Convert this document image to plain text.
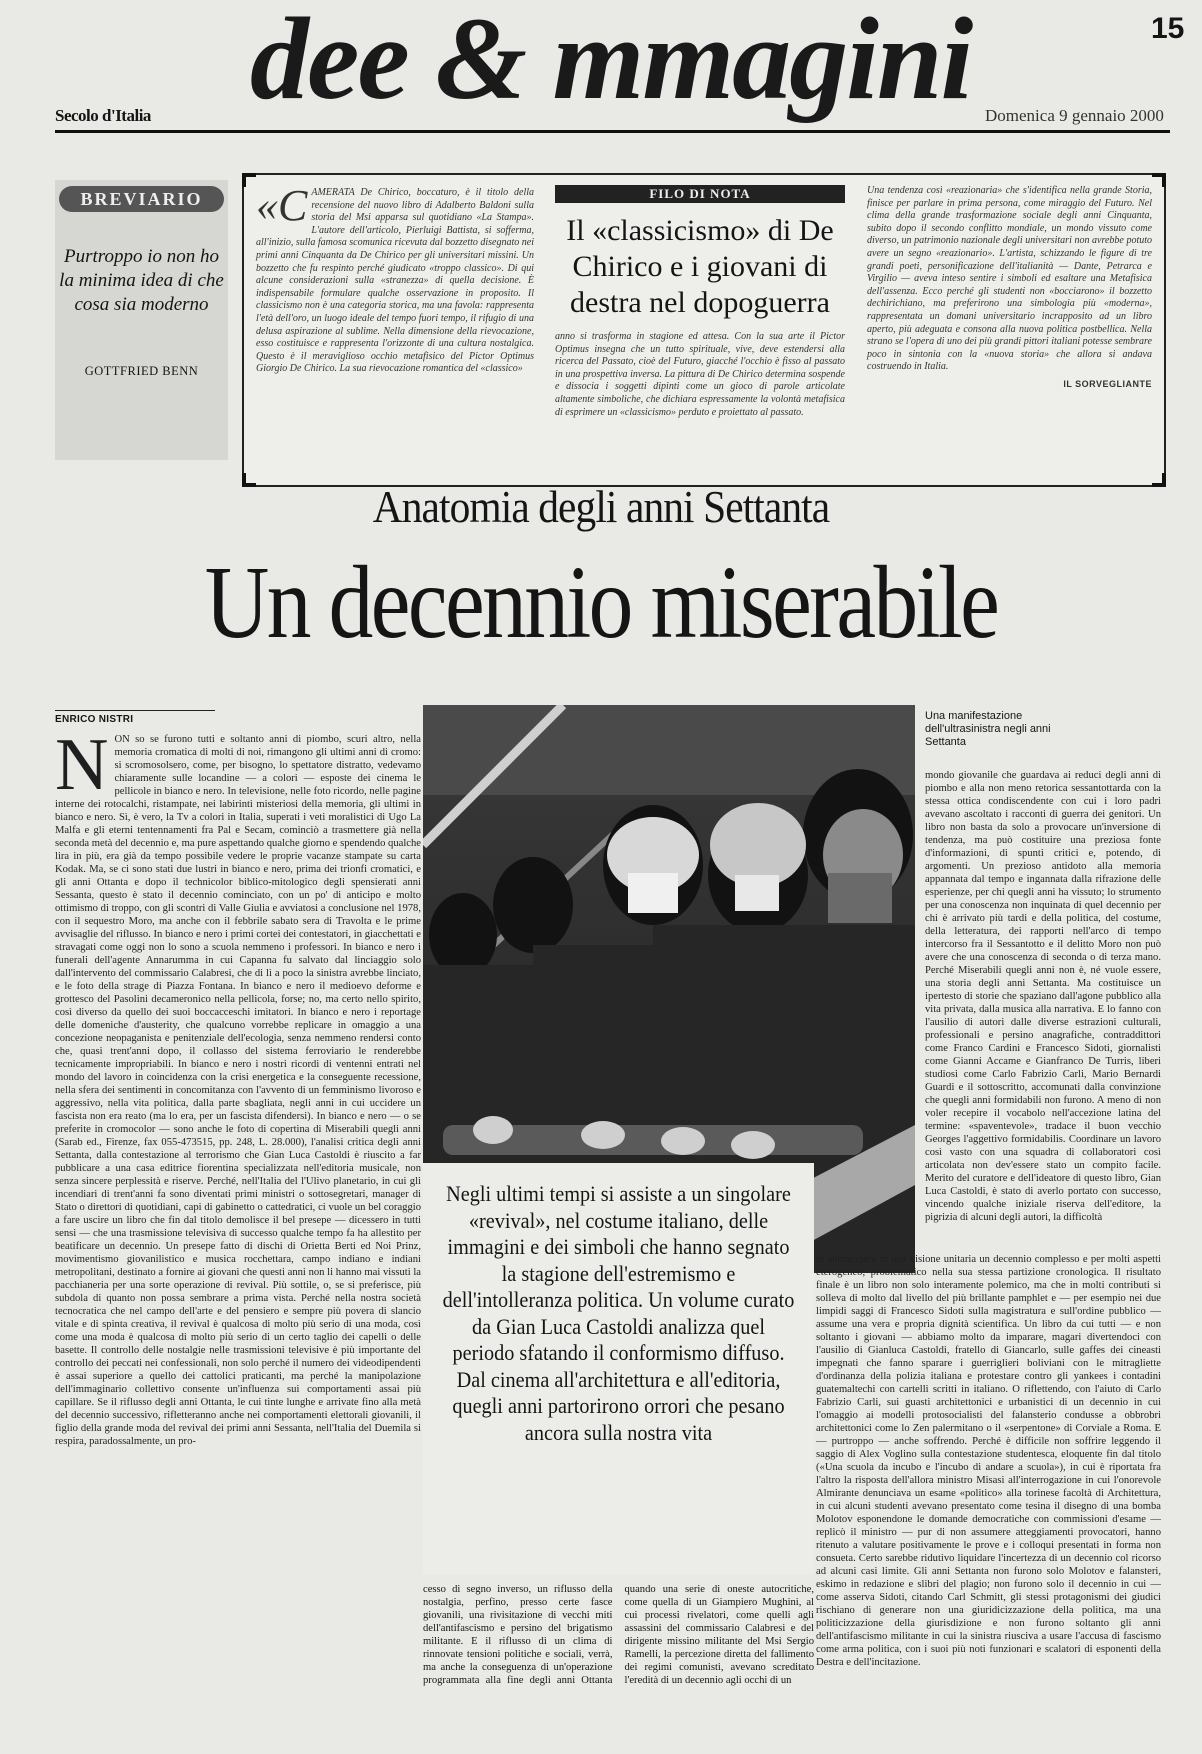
dee & mmagini
Secolo d'Italia	Domenica 9 gennaio 2000
15
BREVIARIO
Purtroppo io non ho la minima idea di che cosa sia moderno
GOTTFRIED BENN
«CAMERATA De Chirico, boccaturo, è il titolo della recensione del nuovo libro di Adalberto Baldoni sulla storia del Msi apparsa sul quotidiano «La Stampa». L'autore dell'articolo, Pierluigi Battista, si sofferma, all'inizio, sulla famosa scomunica ricevuta dal bozzetto disegnato nei primi anni Cinquanta da De Chirico per gli universitari missini. Un bozzetto che fu respinto perché giudicato «troppo classico». Di qui alcune considerazioni sulla «stranezza» di quella decisione. È indispensabile formulare qualche osservazione in proposito. Il classicismo non è una categoria storica, ma una favola: rappresenta l'età dell'oro, un luogo ideale del tempo fuori tempo, il rifugio di una delusa aspirazione al sublime. Nella dimensione della rievocazione, esso costituisce e rappresenta l'orizzonte di una cultura nostalgica. Questo è il meraviglioso occhio metafisico del Pictor Optimus Giorgio De Chirico. La sua rievocazione romantica del «classico»
FILO DI NOTA
Il «classicismo» di De Chirico e i giovani di destra nel dopoguerra
anno si trasforma in stagione ed attesa. Con la sua arte il Pictor Optimus insegna che un tutto spirituale, vive, deve estendersi alla ricerca del Passato, cioè del Futuro, giacché l'occhio è fisso al passato in una prospettiva inversa. La pittura di De Chirico determina sospende e dissocia i soggetti dipinti come un gioco di parole articolate altamente simboliche, che dichiara espressamente la volontà metafisica di esprimere un «classicismo» perduto e proiettato al passato.
Una tendenza così «reazionaria» che s'identifica nella grande Storia, finisce per parlare in prima persona, come miraggio del Futuro. Nel clima della grande trasformazione sociale degli anni Cinquanta, subito dopo il secondo conflitto mondiale, un mondo vissuto come diverso, un patrimonio nazionale degli universitari non avrebbe potuto avere un segno «reazionario». L'artista, schizzando le figure di tre grandi poeti, personificazione dell'italianità — Dante, Petrarca e Virgilio — aveva inteso sentire i simboli ed esaltare una Metafisica dell'assenza. Ecco perché gli studenti non «bocciarono» il bozzetto dechirichiano, ma preferirono una simbologia più «moderna», rappresentata un domani universitario incrapposito ad un libro aperto, più adeguata e consona alla nuova politica postbellica. Nella strano se l'opera di uno dei più grandi pittori italiani potesse sembrare poco in sintonia con la «nuova storia» che allora si andava costruendo in Italia.
IL SORVEGLIANTE
Anatomia degli anni Settanta
Un decennio miserabile
ENRICO NISTRI
NON so se furono tutti e soltanto anni di piombo, scuri altro, nella memoria cromatica di molti di noi, rimangono gli ultimi anni di cromo: si scromosolsero, come, per bisogno, lo spettatore distratto, vedevamo chiaramente sulle locandine — a colori — esposte dei cinema le pellicole in bianco e nero. In televisione, nelle foto ricordo, nelle pagine interne dei rotocalchi, ristampate, nei labirinti misteriosi della memoria, gli ultimi in bianco e nero. Sì, è vero, la Tv a colori in Italia, superati i veti moralistici di Ugo La Malfa e gli eterni tentennamenti fra Pal e Secam, cominciò a trasmettere già nella seconda metà del decennio e, ma pure aspettando qualche giorno e spendendo qualche lira in più, era già da tempo possibile vedere le proprie vacanze stampate su carta Kodak. Ma, se ci sono stati due lustri in bianco e nero, prima dei trionfi cromatici, e gli anni Ottanta e dopo il technicolor biblico-mitologico degli spensierati anni Sessanta, questo è stato il decennio cominciato, con un po' di anticipo e molto ottimismo di troppo, con gli scontri di Valle Giulia e avviatosi a conclusione nel 1978, con il sequestro Moro, ma anche con il febbrile sabato sera di Travolta e le prime avvisaglie del riflusso. In bianco e nero i primi cortei dei contestatori, in giacchettati e stravagati come oggi non lo sono a scuola nemmeno i professori. In bianco e nero i funerali dell'agente Annarumma in cui Capanna fu salvato dal linciaggio solo dall'intervento del commissario Calabresi, che di lì a poco la sinistra avrebbe linciato, e le foto della strage di Piazza Fontana. In bianco e nero il medioevo deforme e grottesco del Pasolini decameronico nella pellicola, forse; no, ma certo nello spirito, così diverso da quello dei suoi boccacceschi imitatori. In bianco e nero i reportage delle domeniche d'austerity, che qualcuno vorrebbe replicare in omaggio a una concezione neopaganista e penitenziale dell'ecologia, senza nemmeno rendersi conto che, quasi trent'anni dopo, il collasso del sistema ferroviario le renderebbe tecnicamente impropriabili. In bianco e nero i nostri ricordi di ventenni entrati nel mondo del lavoro in coincidenza con la crisi energetica e la conseguente recessione, nella sfera dei sentimenti in concomitanza con l'avvento di un femminismo livoroso e aggressivo, nella vita politica, dalla parte sbagliata, negli anni in cui uccidere un fascista non era reato (ma lo era, per un fascista difendersi). In bianco e nero — o se preferite in cromocolor — sono anche le foto di copertina di Miserabili quegli anni (Sarab ed., Firenze, fax 055-473515, pp. 248, L. 28.000), l'analisi critica degli anni Settanta, dalla contestazione al terrorismo che Gian Luca Castoldi è riuscito a far pubblicare a una casa editrice fiorentina specializzata nell'editoria musicale, non senza sincere perplessità e riserve. Perché, nell'Italia del l'Ulivo planetario, in cui gli incendiari di trent'anni fa sono diventati primi ministri o sottosegretari, manager di Stato o direttori di quotidiani, capi di gabinetto o cattedratici, ci vuole un bel coraggio a fare uscire un libro che fin dal titolo demolisce il bel presepe — dicessero in tutti sensi — che una trasmissione televisiva di successo qualche tempo fa ha allestito per beatificare un decennio. Un presepe fatto di dischi di Orietta Berti ed Noi Prinz, movimentismo giovanilistico e musica rocchettara, campo indiano e indiani metropolitani, destinato a fornire ai giovani che questi anni non li hanno mai vissuti la pacchianeria per una sorte operazione di revival. Più sottile, o, se si preferisce, più subdola di quanto non possa sembrare a prima vista. Perché nella nostra società tecnocratica che nel campo dell'arte e del pensiero e sempre più povera di slancio vitale e di spinta creativa, il revival è qualcosa di molto più serio di una moda, così come una moda è qualcosa di molto più serio di un certo taglio dei capelli o delle basette. Il controllo delle nostalgie nelle trasmissioni televisive è più importante del controllo dei peccati nei confessionali, non solo perché il numero dei videodipendenti è assai superiore a quello dei cattolici praticanti, ma perché la manipolazione dell'immaginario collettivo consente un'influenza sui comportamenti assai più capillare. Se il riflusso degli anni Ottanta, le cui tinte lunghe e arrivate fino alla metà del decennio successivo, rifletteranno anche nei comportamenti elettorali giovanili, il figlio della grande moda del revival dei primi anni Sessanta, nell'Italia del Duemila si respira, paradossalmente, un pro-
Una manifestazione dell'ultrasinistra negli anni Settanta
mondo giovanile che guardava ai reduci degli anni di piombo e alla non meno retorica sessantottarda con la stessa ottica condiscendente con cui i loro padri avevano ascoltato i racconti di guerra dei genitori. Un libro non basta da solo a provocare un'inversione di tendenza, ma può costituire una preziosa fonte d'informazioni, di spunti critici e, potendo, di argomenti. Un prezioso antidoto alla memoria appannata dal tempo e ingannata dalla rifrazione delle esperienze, per chi quegli anni ha vissuto; lo strumento per una conoscenza non inquinata di quel decennio per chi è arrivato più tardi e della politica, del costume, della letteratura, dei rapporti nell'arco di tempo intercorso fra il Sessantotto e il delitto Moro non può avere che una conoscenza di seconda o di terza mano. Perché Miserabili quegli anni non è, né vuole essere, una storia degli anni Settanta. Ma costituisce un ipertesto di storie che spaziano dall'agone pubblico alla vita privata, dalla musica alla narrativa. E lo fanno con l'ausilio di autori dalle diverse estrazioni culturali, professionali e persino anagrafiche, contraddittori come Franco Cardini e Francesco Sidoti, giornalisti come Gianni Accame e Gianfranco De Turris, liberi studiosi come Carlo Fabrizio Carli, Mario Bernardi Guardi e il sottoscritto, accomunati dalla convinzione che quegli anni formidabili non furono. A meno di non voler recepire il vocabolo nell'accezione latina del termine: «spaventevole», tradace il buon vecchio Georges l'aggettivo formidabilis. Coordinare un lavoro così vasto con una squadra di collaboratori così articolata non dev'essere stato un compito facile. Merito del curatore e dell'ideatore di questo libro, Gian Luca Castoldi, è stato di averlo portato con successo, vincendo qualche iniziale riserva dell'editore, la pigrizia di alcuni degli autori, la difficoltà
Negli ultimi tempi si assiste a un singolare «revival», nel costume italiano, delle immagini e dei simboli che hanno segnato la stagione dell'estremismo e dell'intolleranza politica. Un volume curato da Gian Luca Castoldi analizza quel periodo sfatando il conformismo diffuso. Dal cinema all'architettura e all'editoria, quegli anni partorirono orrori che pesano ancora sulla nostra vita
di abbracciare in una visione unitaria un decennio complesso e per molti aspetti eterogeneo, problematico nella sua stessa partizione cronologica. Il risultato finale è un libro non solo interamente polemico, ma che in molti contributi si solleva di molto dal livello del più brillante pamphlet e — per esempio nei due limpidi saggi di Francesco Sidoti sulla magistratura e sull'ordine pubblico — assume una vera e propria dignità scientifica. Un libro da cui tutti — e non soltanto i giovani — abbiamo molto da imparare, magari divertendoci con l'ausilio di Gianluca Castoldi, fratello di Giancarlo, sulle gaffes dei cineasti impegnati che fanno sparare i guerriglieri boliviani con le mitragliette d'ordinanza della polizia italiana e protestare contro gli yankees i contadini guatemaltechi con cartelli scritti in italiano. O riflettendo, con l'aiuto di Carlo Fabrizio Carli, sui guasti architettonici e urbanistici di un decennio in cui l'omaggio ai modelli protosocialisti del falansterio condusse a obbrobri architettonici come lo Zen palermitano o il «serpentone» di Corviale a Roma. E — purtroppo — anche soffrendo. Perché è difficile non soffrire leggendo il saggio di Alex Voglino sulla contestazione studentesca, eloquente fin dal titolo («Una scuola da incubo e l'incubo di andare a scuola»), in cui è riportata fra l'altro la risposta dell'allora ministro Misasi all'interrogazione in cui l'onorevole Almirante denunciava un esame «politico» alla torinese facoltà di Architettura, in cui alcuni studenti avevano presentato come tesina il disegno di una bomba Molotov esponendone le domande democratiche con commissioni d'esame — replicò il ministro — pur di non assumere atteggiamenti provocatori, hanno ritenuto a valutare positivamente le prove e i colloqui presentati in forma non consueta. Certo sarebbe ridutivo liquidare l'incertezza di un decennio col ricorso ad alcuni casi limite. Gli anni Settanta non furono solo Molotov e falansteri, eskimo in redazione e slibri del plagio; non furono solo il decennio in cui — come asserva Sidoti, citando Carl Schmitt, gli stessi protagonismi dei giudici rischiano di generare non una giuridicizzazione della politica, ma una politicizzazione della giurisdizione e non furono soltanto gli anni dell'antifascismo militante in cui la sinistra riusciva a usare l'accusa di fascismo come arma politica, con i suoi più noti funzionari e scalatori di esponenti della Destra e dell'incitazione.
cesso di segno inverso, un riflusso della nostalgia, perfino, presso certe fasce giovanili, una rivisitazione di vecchi miti dell'antifascismo e persino del brigatismo militante. E il riflusso di un clima di rinnovate tensioni politiche e sociali, verrà, ma anche la conseguenza di un'operazione programmata alla fine degli anni Ottanta quando una serie di oneste autocritiche, come quella di un Giampiero Mughini, al cui processi rivelatori, come quelli agli assassini del commissario Calabresi e del dirigente missino militante del Msi Sergio Ramelli, la percezione diretta del fallimento dei regimi comunisti, avevano screditato l'eredità di un decennio agli occhi di un
